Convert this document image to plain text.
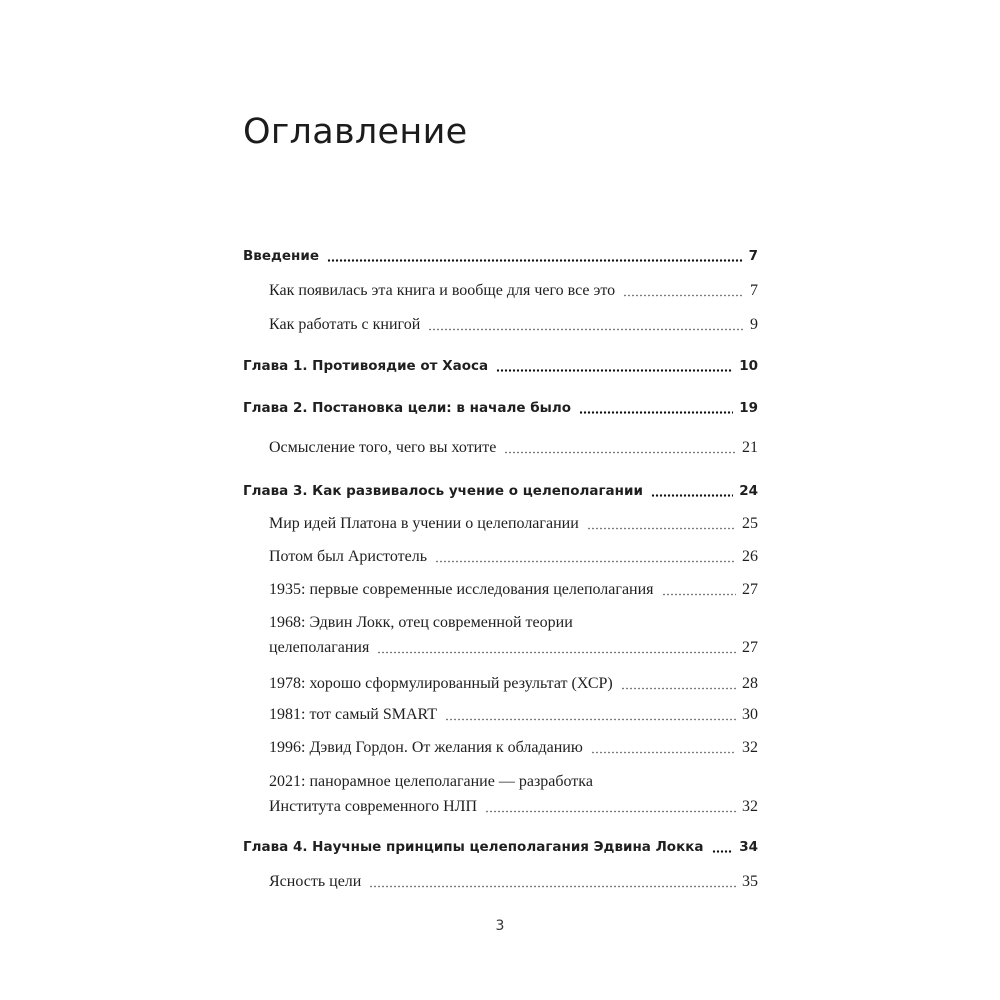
Оглавление
Введение	7
Как появилась эта книга и вообще для чего все это	7
Как работать с книгой	9
Глава 1. Противоядие от Хаоса	10
Глава 2. Постановка цели: в начале было	19
Осмысление того, чего вы хотите	21
Глава 3. Как развивалось учение о целеполагании	24
Мир идей Платона в учении о целеполагании	25
Потом был Аристотель	26
1935: первые современные исследования целеполагания	27
1968: Эдвин Локк, отец современной теории
целеполагания	27
1978: хорошо сформулированный результат (ХСР)	28
1981: тот самый SMART	30
1996: Дэвид Гордон. От желания к обладанию	32
2021: панорамное целеполагание — разработка
Института современного НЛП	32
Глава 4. Научные принципы целеполагания Эдвина Локка	34
Ясность цели	35
3
